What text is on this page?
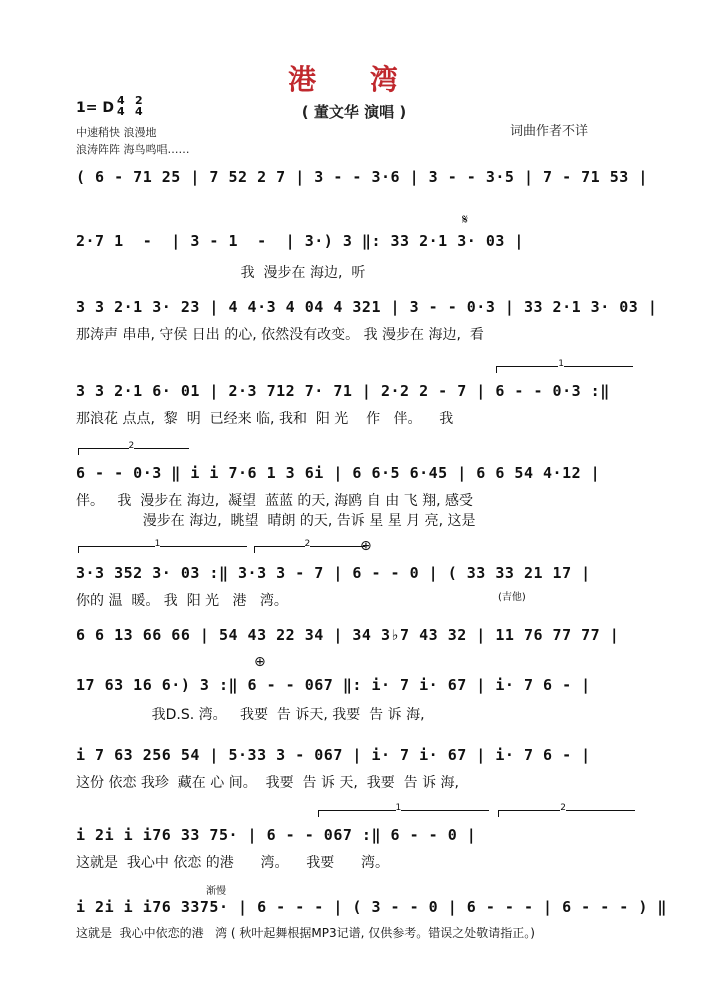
港 湾
( 董文华 演唱 )
词曲作者不详
1= D 4
4
2
4
中速稍快 浪漫地
浪涛阵阵 海鸟鸣唱……
( 6 - 71 25 | 7 52 2 7 | 3 - - 3·6 | 3 - - 3·5 | 7 - 71 53 |
2·7 1  -  | 3 - 1  -  | 3·) 3 ‖: 33 2·1 3· 03 |
我  漫步在 海边,  听
𝄋
3 3 2·1 3· 23 | 4 4·3 4 04 4 321 | 3 - - 0·3 | 33 2·1 3· 03 |
那涛声 串串, 守侯 日出 的心, 依然没有改变。 我 漫步在 海边,  看
1
3 3 2·1 6· 01 | 2·3 712 7· 71 | 2·2 2 - 7 | 6 - - 0·3 :‖
那浪花 点点,  黎  明  已经来 临, 我和  阳 光    作   伴。    我
2
6 - - 0·3 ‖ i i 7·6 1 3 6i | 6 6·5 6·45 | 6 6 54 4·12 |
伴。   我  漫步在 海边,  凝望  蓝蓝 的天, 海鸥 自 由 飞 翔, 感受
漫步在 海边,  眺望  晴朗 的天, 告诉 星 星 月 亮, 这是
1	2	⊕
3·3 352 3· 03 :‖ 3·3 3 - 7 | 6 - - 0 | ( 33 33 21 17 |
你的 温  暖。 我  阳 光   港   湾。	(吉他)
6 6 13 66 66 | 54 43 22 34 | 34 3♭7 43 32 | 11 76 77 77 |
⊕
17 63 16 6·) 3 :‖ 6 - - 067 ‖: i· 7 i· 67 | i· 7 6 - |
我D.S. 湾。   我要  告 诉天, 我要  告 诉 海,
i 7 63 256 54 | 5·33 3 - 067 | i· 7 i· 67 | i· 7 6 - |
这份 依恋 我珍  藏在 心 间。  我要  告 诉 天,  我要  告 诉 海,
1	2
i 2i i i76 33 75· | 6 - - 067 :‖ 6 - - 0 |
这就是  我心中 依恋 的港      湾。    我要      湾。
渐慢
i 2i i i76 3375· | 6 - - - | ( 3 - - 0 | 6 - - - | 6 - - - ) ‖
这就是  我心中依恋的港   湾 ( 秋叶起舞根据MP3记谱, 仅供参考。错误之处敬请指正。)
